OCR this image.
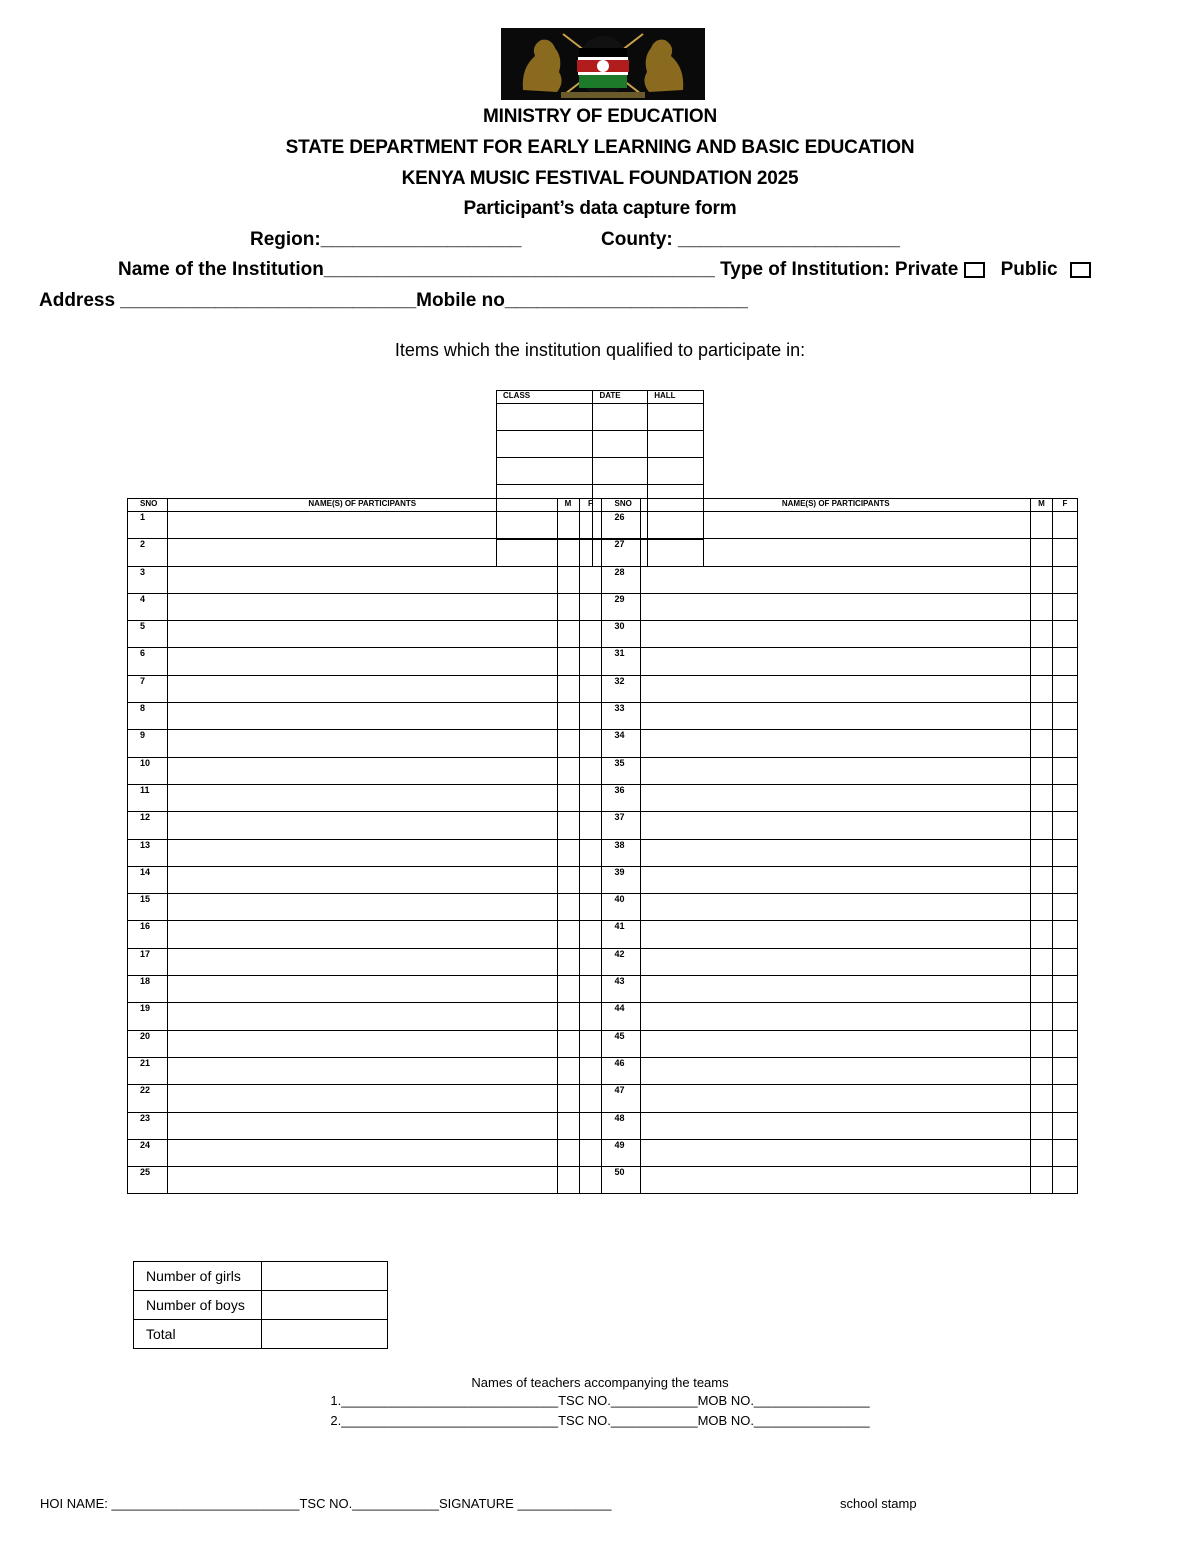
MINISTRY OF EDUCATION
STATE DEPARTMENT FOR EARLY LEARNING AND BASIC EDUCATION
KENYA MUSIC FESTIVAL FOUNDATION 2025
Participant’s data capture form
Region:___________________	County: _____________________
Name of the Institution_____________________________________ Type of Institution: Private Public
Address ____________________________Mobile no_______________________
Items which the institution qualified to participate in:
SNO	NAME(S) OF PARTICIPANTS	M	F	SNO	NAME(S) OF PARTICIPANTS	M	F
1				26			
2				27			
3				28			
4				29			
5				30			
6				31			
7				32			
8				33			
9				34			
10				35			
11				36			
12				37			
13				38			
14				39			
15				40			
16				41			
17				42			
18				43			
19				44			
20				45			
21				46			
22				47			
23				48			
24				49			
25				50			
CLASS	DATE	HALL

Number of girls	
Number of boys	
Total	
Names of teachers accompanying the teams
1.______________________________TSC NO.____________MOB NO.________________
2.______________________________TSC NO.____________MOB NO.________________
HOI NAME: __________________________TSC NO.____________SIGNATURE _____________	school stamp
